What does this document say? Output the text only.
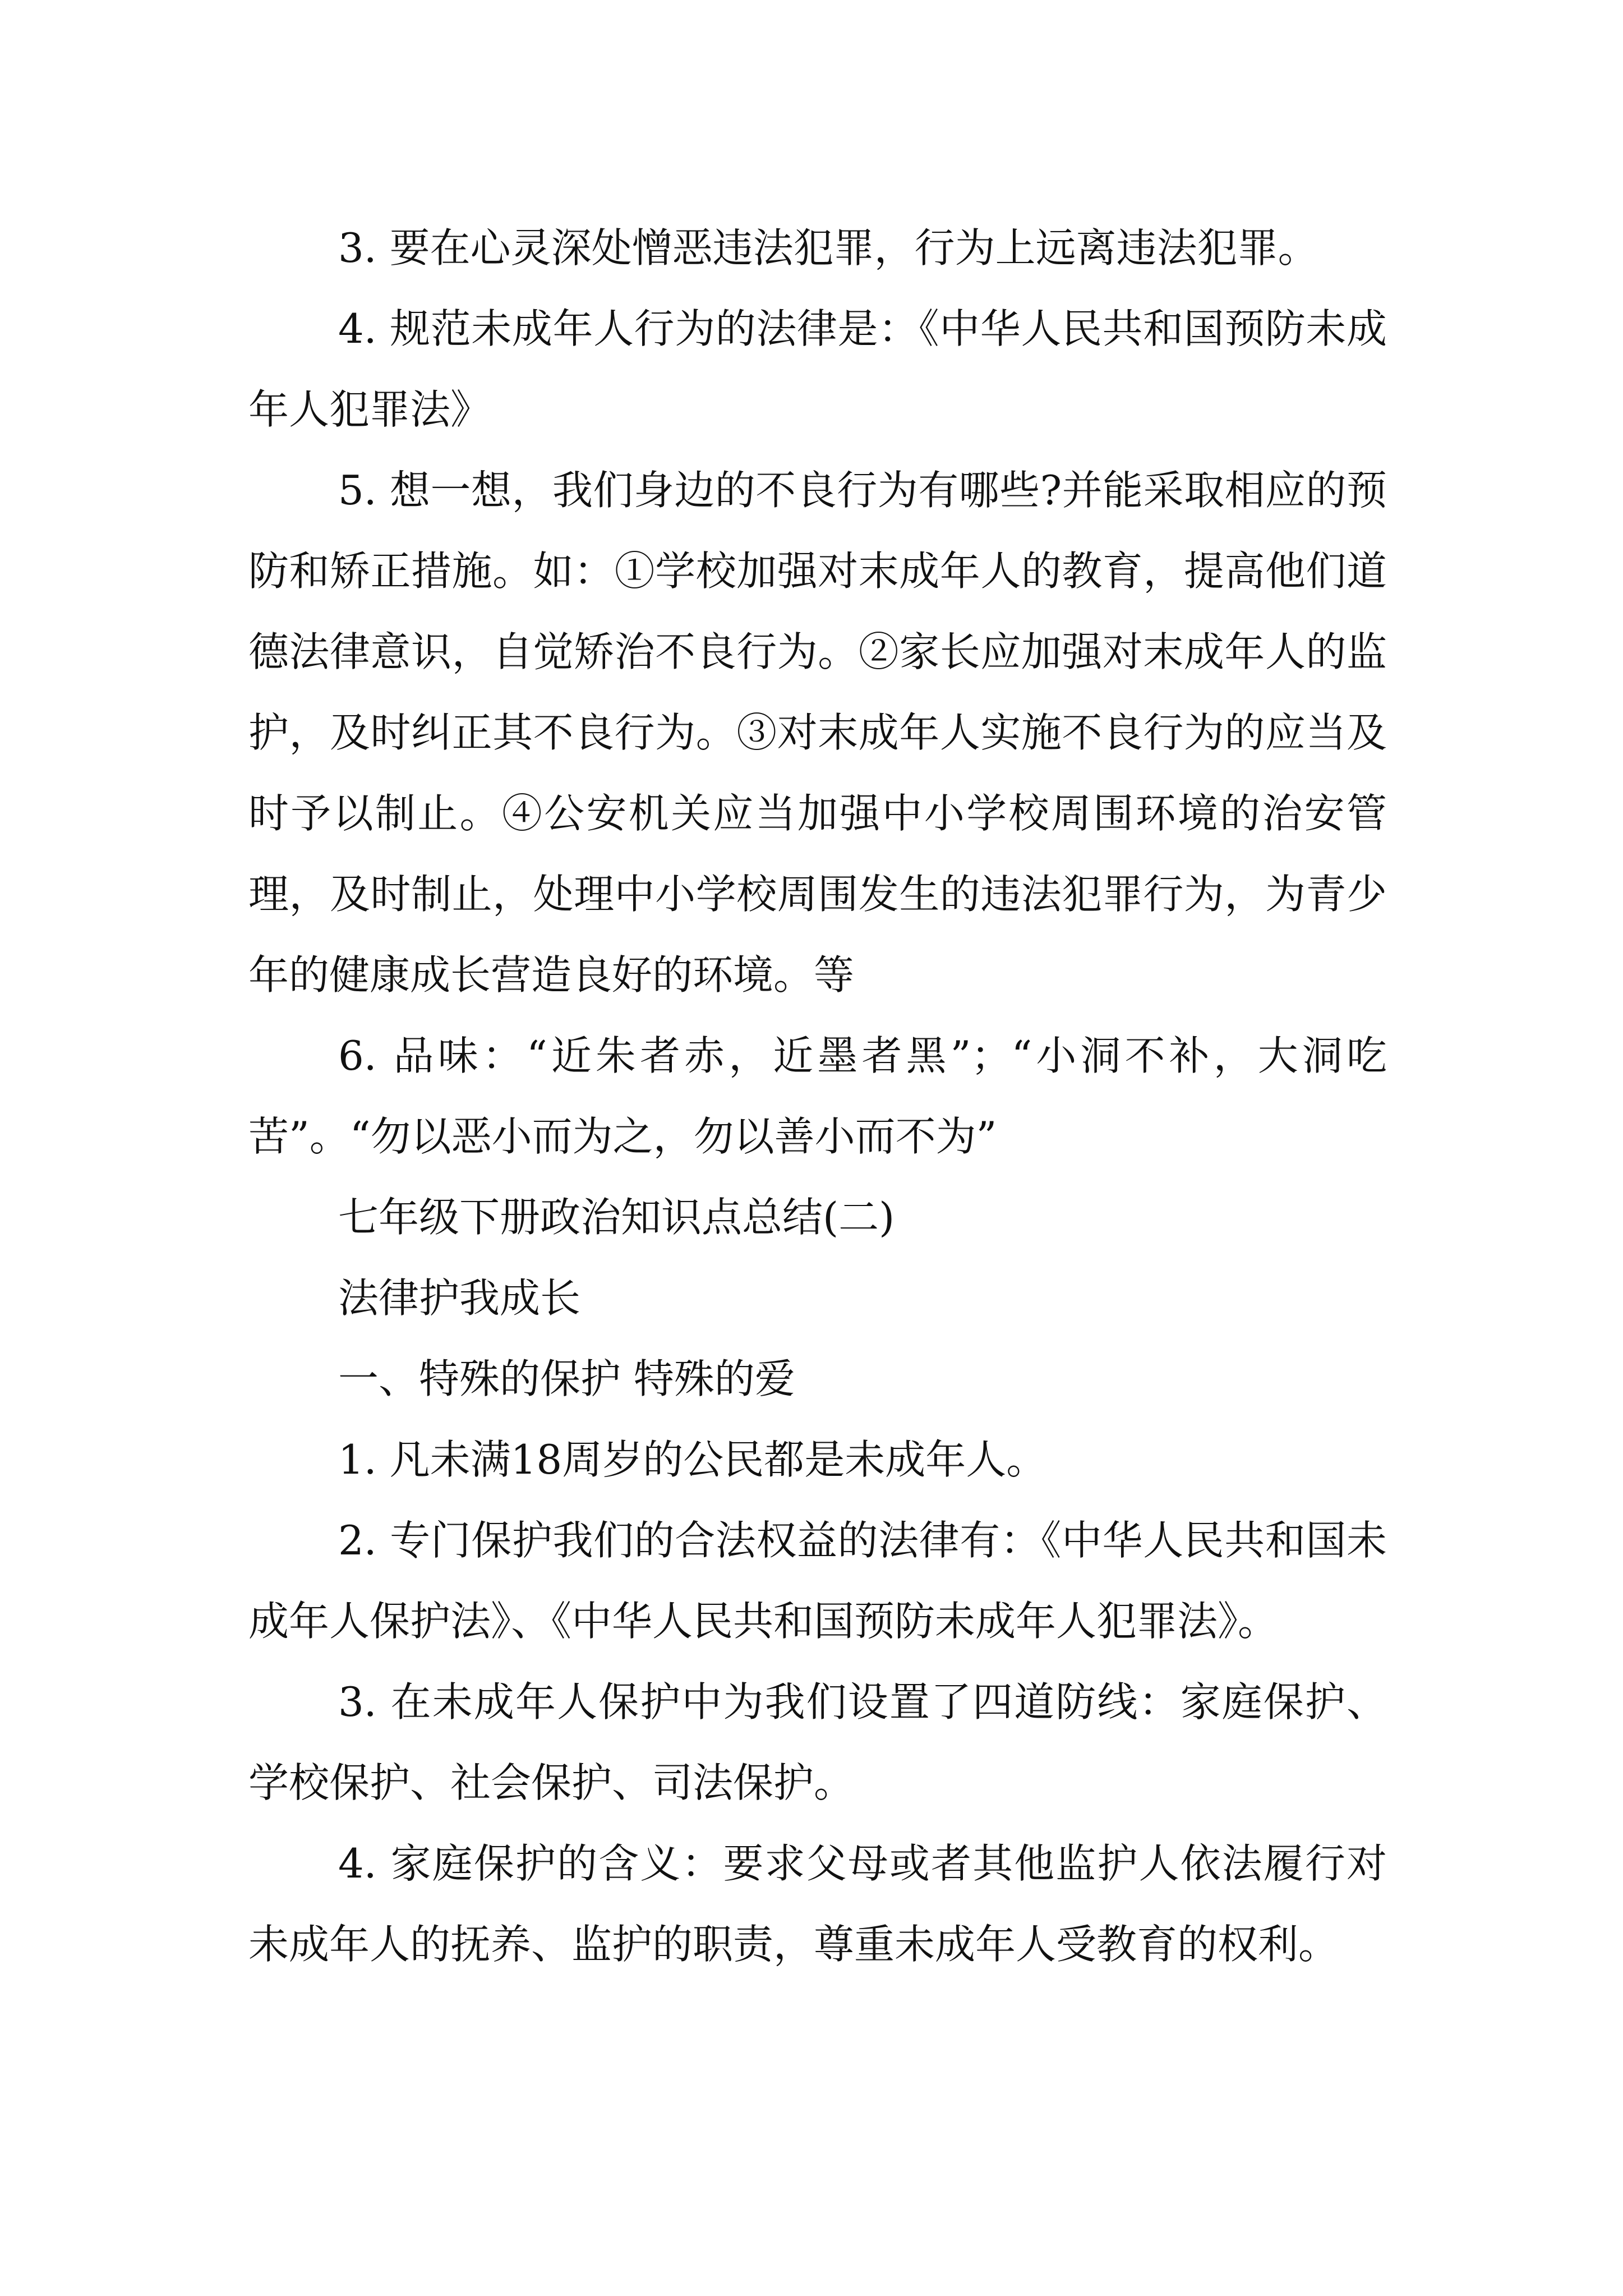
3. 要在心灵深处憎恶违法犯罪，行为上远离违法犯罪。

4. 规范未成年人行为的法律是：《中华人民共和国预防未成年人犯罪法》

5. 想一想，我们身边的不良行为有哪些?并能采取相应的预防和矫正措施。如：①学校加强对末成年人的教育，提高他们道德法律意识，自觉矫治不良行为。②家长应加强对末成年人的监护，及时纠正其不良行为。③对末成年人实施不良行为的应当及时予以制止。④公安机关应当加强中小学校周围环境的治安管理，及时制止，处理中小学校周围发生的违法犯罪行为，为青少年的健康成长营造良好的环境。等

6. 品味：“近朱者赤，近墨者黑”；“小洞不补，大洞吃苦”。“勿以恶小而为之，勿以善小而不为”

七年级下册政治知识点总结(二)

法律护我成长

一、特殊的保护 特殊的爱

1. 凡未满18周岁的公民都是未成年人。

2. 专门保护我们的合法权益的法律有：《中华人民共和国未成年人保护法》、《中华人民共和国预防未成年人犯罪法》。

3. 在未成年人保护中为我们设置了四道防线：家庭保护、学校保护、社会保护、司法保护。

4. 家庭保护的含义：要求父母或者其他监护人依法履行对未成年人的抚养、监护的职责，尊重未成年人受教育的权利。
